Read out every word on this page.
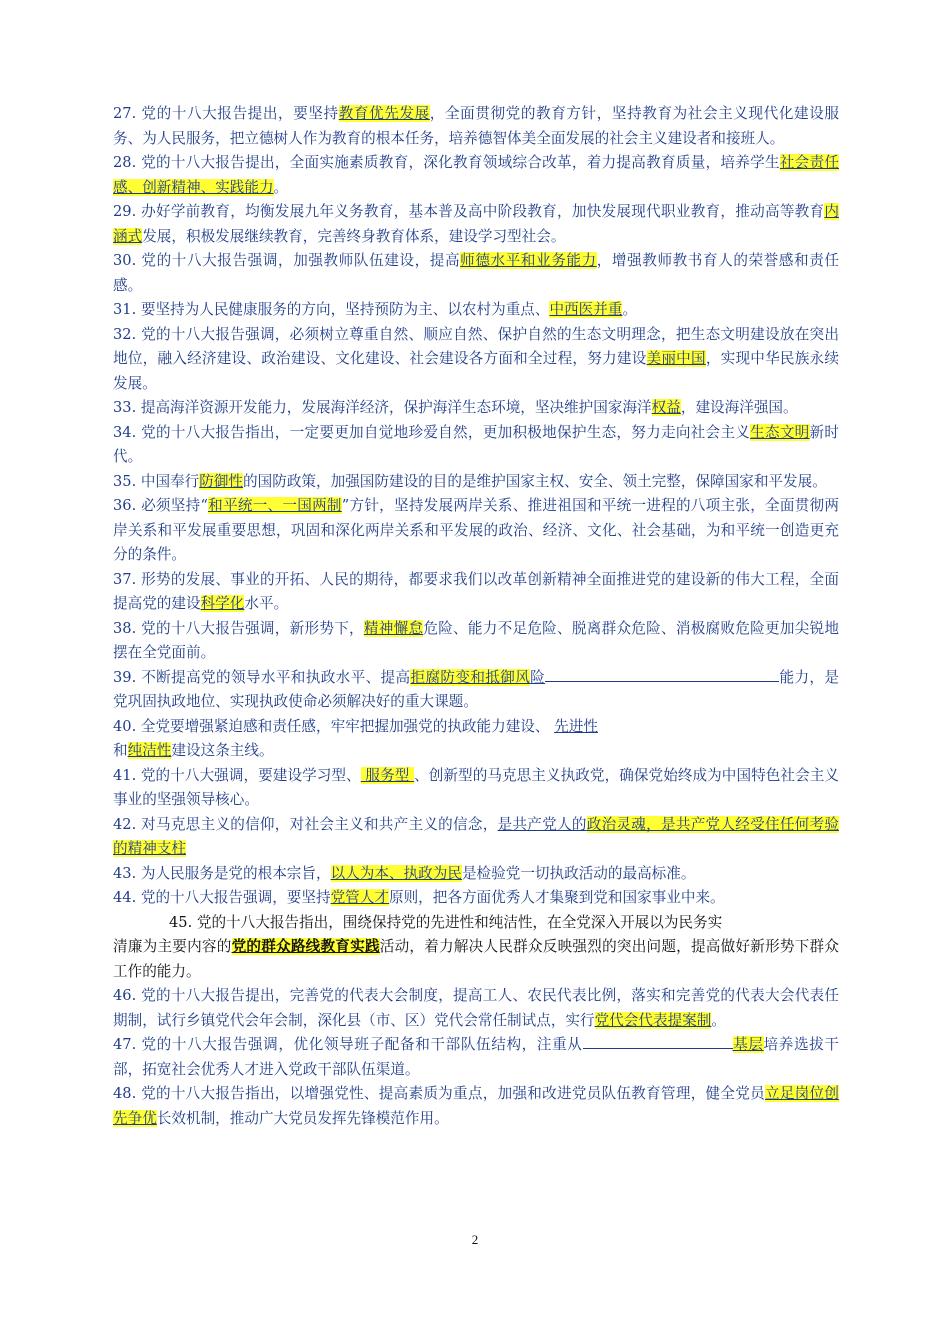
27. 党的十八大报告提出，要坚持教育优先发展，全面贯彻党的教育方针，坚持教育为社会主义现代化建设服务、为人民服务，把立德树人作为教育的根本任务，培养德智体美全面发展的社会主义建设者和接班人。

28. 党的十八大报告提出，全面实施素质教育，深化教育领域综合改革，着力提高教育质量，培养学生社会责任感、创新精神、实践能力。

29. 办好学前教育，均衡发展九年义务教育，基本普及高中阶段教育，加快发展现代职业教育，推动高等教育内涵式发展，积极发展继续教育，完善终身教育体系，建设学习型社会。

30. 党的十八大报告强调，加强教师队伍建设，提高师德水平和业务能力，增强教师教书育人的荣誉感和责任感。

31. 要坚持为人民健康服务的方向，坚持预防为主、以农村为重点、中西医并重。

32. 党的十八大报告强调，必须树立尊重自然、顺应自然、保护自然的生态文明理念，把生态文明建设放在突出地位，融入经济建设、政治建设、文化建设、社会建设各方面和全过程，努力建设美丽中国，实现中华民族永续发展。

33. 提高海洋资源开发能力，发展海洋经济，保护海洋生态环境，坚决维护国家海洋权益，建设海洋强国。

34. 党的十八大报告指出，一定要更加自觉地珍爱自然，更加积极地保护生态，努力走向社会主义生态文明新时代。

35. 中国奉行防御性的国防政策，加强国防建设的目的是维护国家主权、安全、领土完整，保障国家和平发展。

36. 必须坚持“和平统一、一国两制”方针，坚持发展两岸关系、推进祖国和平统一进程的八项主张，全面贯彻两岸关系和平发展重要思想，巩固和深化两岸关系和平发展的政治、经济、文化、社会基础，为和平统一创造更充分的条件。

37. 形势的发展、事业的开拓、人民的期待，都要求我们以改革创新精神全面推进党的建设新的伟大工程，全面提高党的建设科学化水平。

38. 党的十八大报告强调，新形势下，精神懈怠危险、能力不足危险、脱离群众危险、消极腐败危险更加尖锐地摆在全党面前。

39. 不断提高党的领导水平和执政水平、提高拒腐防变和抵御风险	能力，是党巩固执政地位、实现执政使命必须解决好的重大课题。

40. 全党要增强紧迫感和责任感，牢牢把握加强党的执政能力建设、 先进性
和纯洁性建设这条主线。

41. 党的十八大强调，要建设学习型、 服务型 、创新型的马克思主义执政党，确保党始终成为中国特色社会主义事业的坚强领导核心。

42. 对马克思主义的信仰，对社会主义和共产主义的信念，是共产党人的政治灵魂，是共产党人经受住任何考验的精神支柱

43. 为人民服务是党的根本宗旨，以人为本、执政为民是检验党一切执政活动的最高标准。

44. 党的十八大报告强调，要坚持党管人才原则，把各方面优秀人才集聚到党和国家事业中来。

45. 党的十八大报告指出，围绕保持党的先进性和纯洁性，在全党深入开展以为民务实
清廉为主要内容的党的群众路线教育实践活动，着力解决人民群众反映强烈的突出问题，提高做好新形势下群众工作的能力。

46. 党的十八大报告提出，完善党的代表大会制度，提高工人、农民代表比例，落实和完善党的代表大会代表任期制，试行乡镇党代会年会制，深化县（市、区）党代会常任制试点，实行党代会代表提案制。

47. 党的十八大报告强调，优化领导班子配备和干部队伍结构，注重从	基层培养选拔干部，拓宽社会优秀人才进入党政干部队伍渠道。

48. 党的十八大报告指出，以增强党性、提高素质为重点，加强和改进党员队伍教育管理，健全党员立足岗位创先争优长效机制，推动广大党员发挥先锋模范作用。

2
